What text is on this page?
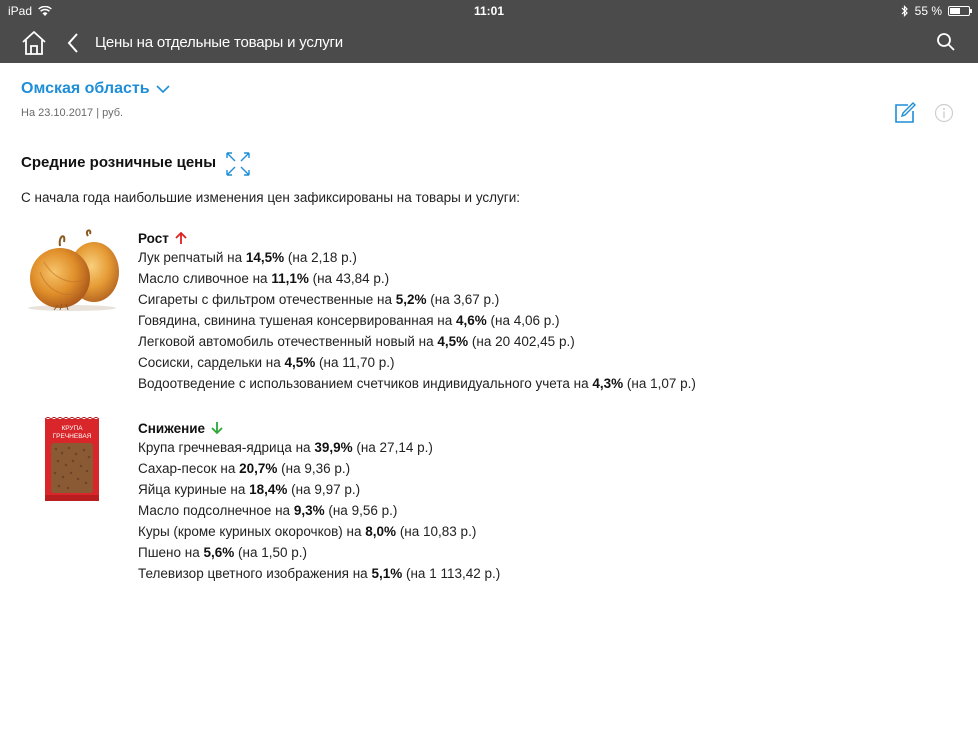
iPad	11:01	55 %
Цены на отдельные товары и услуги
Омская область
На 23.10.2017 | руб.
Средние розничные цены
С начала года наибольшие изменения цен зафиксированы на товары и услуги:
КРУПА
ГРЕЧНЕВАЯ
Рост
Лук репчатый на 14,5% (на 2,18 р.)
Масло сливочное на 11,1% (на 43,84 р.)
Сигареты с фильтром отечественные на 5,2% (на 3,67 р.)
Говядина, свинина тушеная консервированная на 4,6% (на 4,06 р.)
Легковой автомобиль отечественный новый на 4,5% (на 20 402,45 р.)
Сосиски, сардельки на 4,5% (на 11,70 р.)
Водоотведение с использованием счетчиков индивидуального учета на 4,3% (на 1,07 р.)
Снижение
Крупа гречневая-ядрица на 39,9% (на 27,14 р.)
Сахар-песок на 20,7% (на 9,36 р.)
Яйца куриные на 18,4% (на 9,97 р.)
Масло подсолнечное на 9,3% (на 9,56 р.)
Куры (кроме куриных окорочков) на 8,0% (на 10,83 р.)
Пшено на 5,6% (на 1,50 р.)
Телевизор цветного изображения на 5,1% (на 1 113,42 р.)
